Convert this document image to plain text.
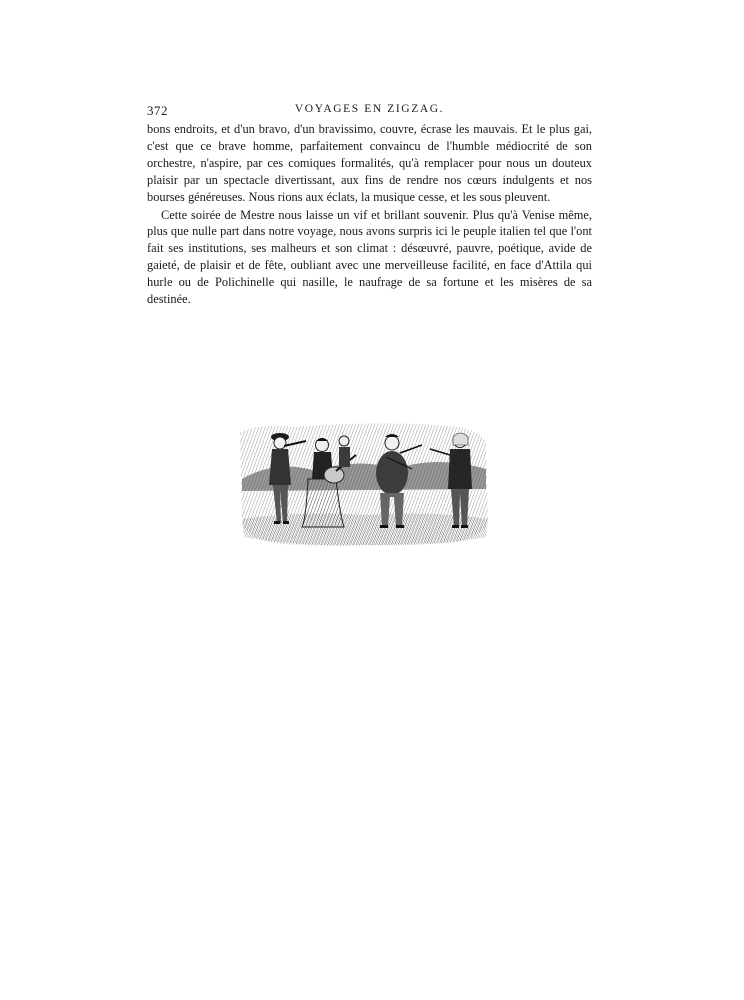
372	VOYAGES EN ZIGZAG.

bons endroits, et d'un bravo, d'un bravissimo, couvre, écrase les mauvais. Et le plus gai, c'est que ce brave homme, parfaitement convaincu de l'humble médiocrité de son orchestre, n'aspire, par ces comiques formalités, qu'à remplacer pour nous un douteux plaisir par un spectacle divertissant, aux fins de rendre nos cœurs indulgents et nos bourses généreuses. Nous rions aux éclats, la musique cesse, et les sous pleuvent.

Cette soirée de Mestre nous laisse un vif et brillant souvenir. Plus qu'à Venise même, plus que nulle part dans notre voyage, nous avons surpris ici le peuple italien tel que l'ont fait ses institutions, ses malheurs et son climat : désœuvré, pauvre, poétique, avide de gaieté, de plaisir et de fête, oubliant avec une merveilleuse facilité, en face d'Attila qui hurle ou de Polichinelle qui nasille, le naufrage de sa fortune et les misères de sa destinée.
